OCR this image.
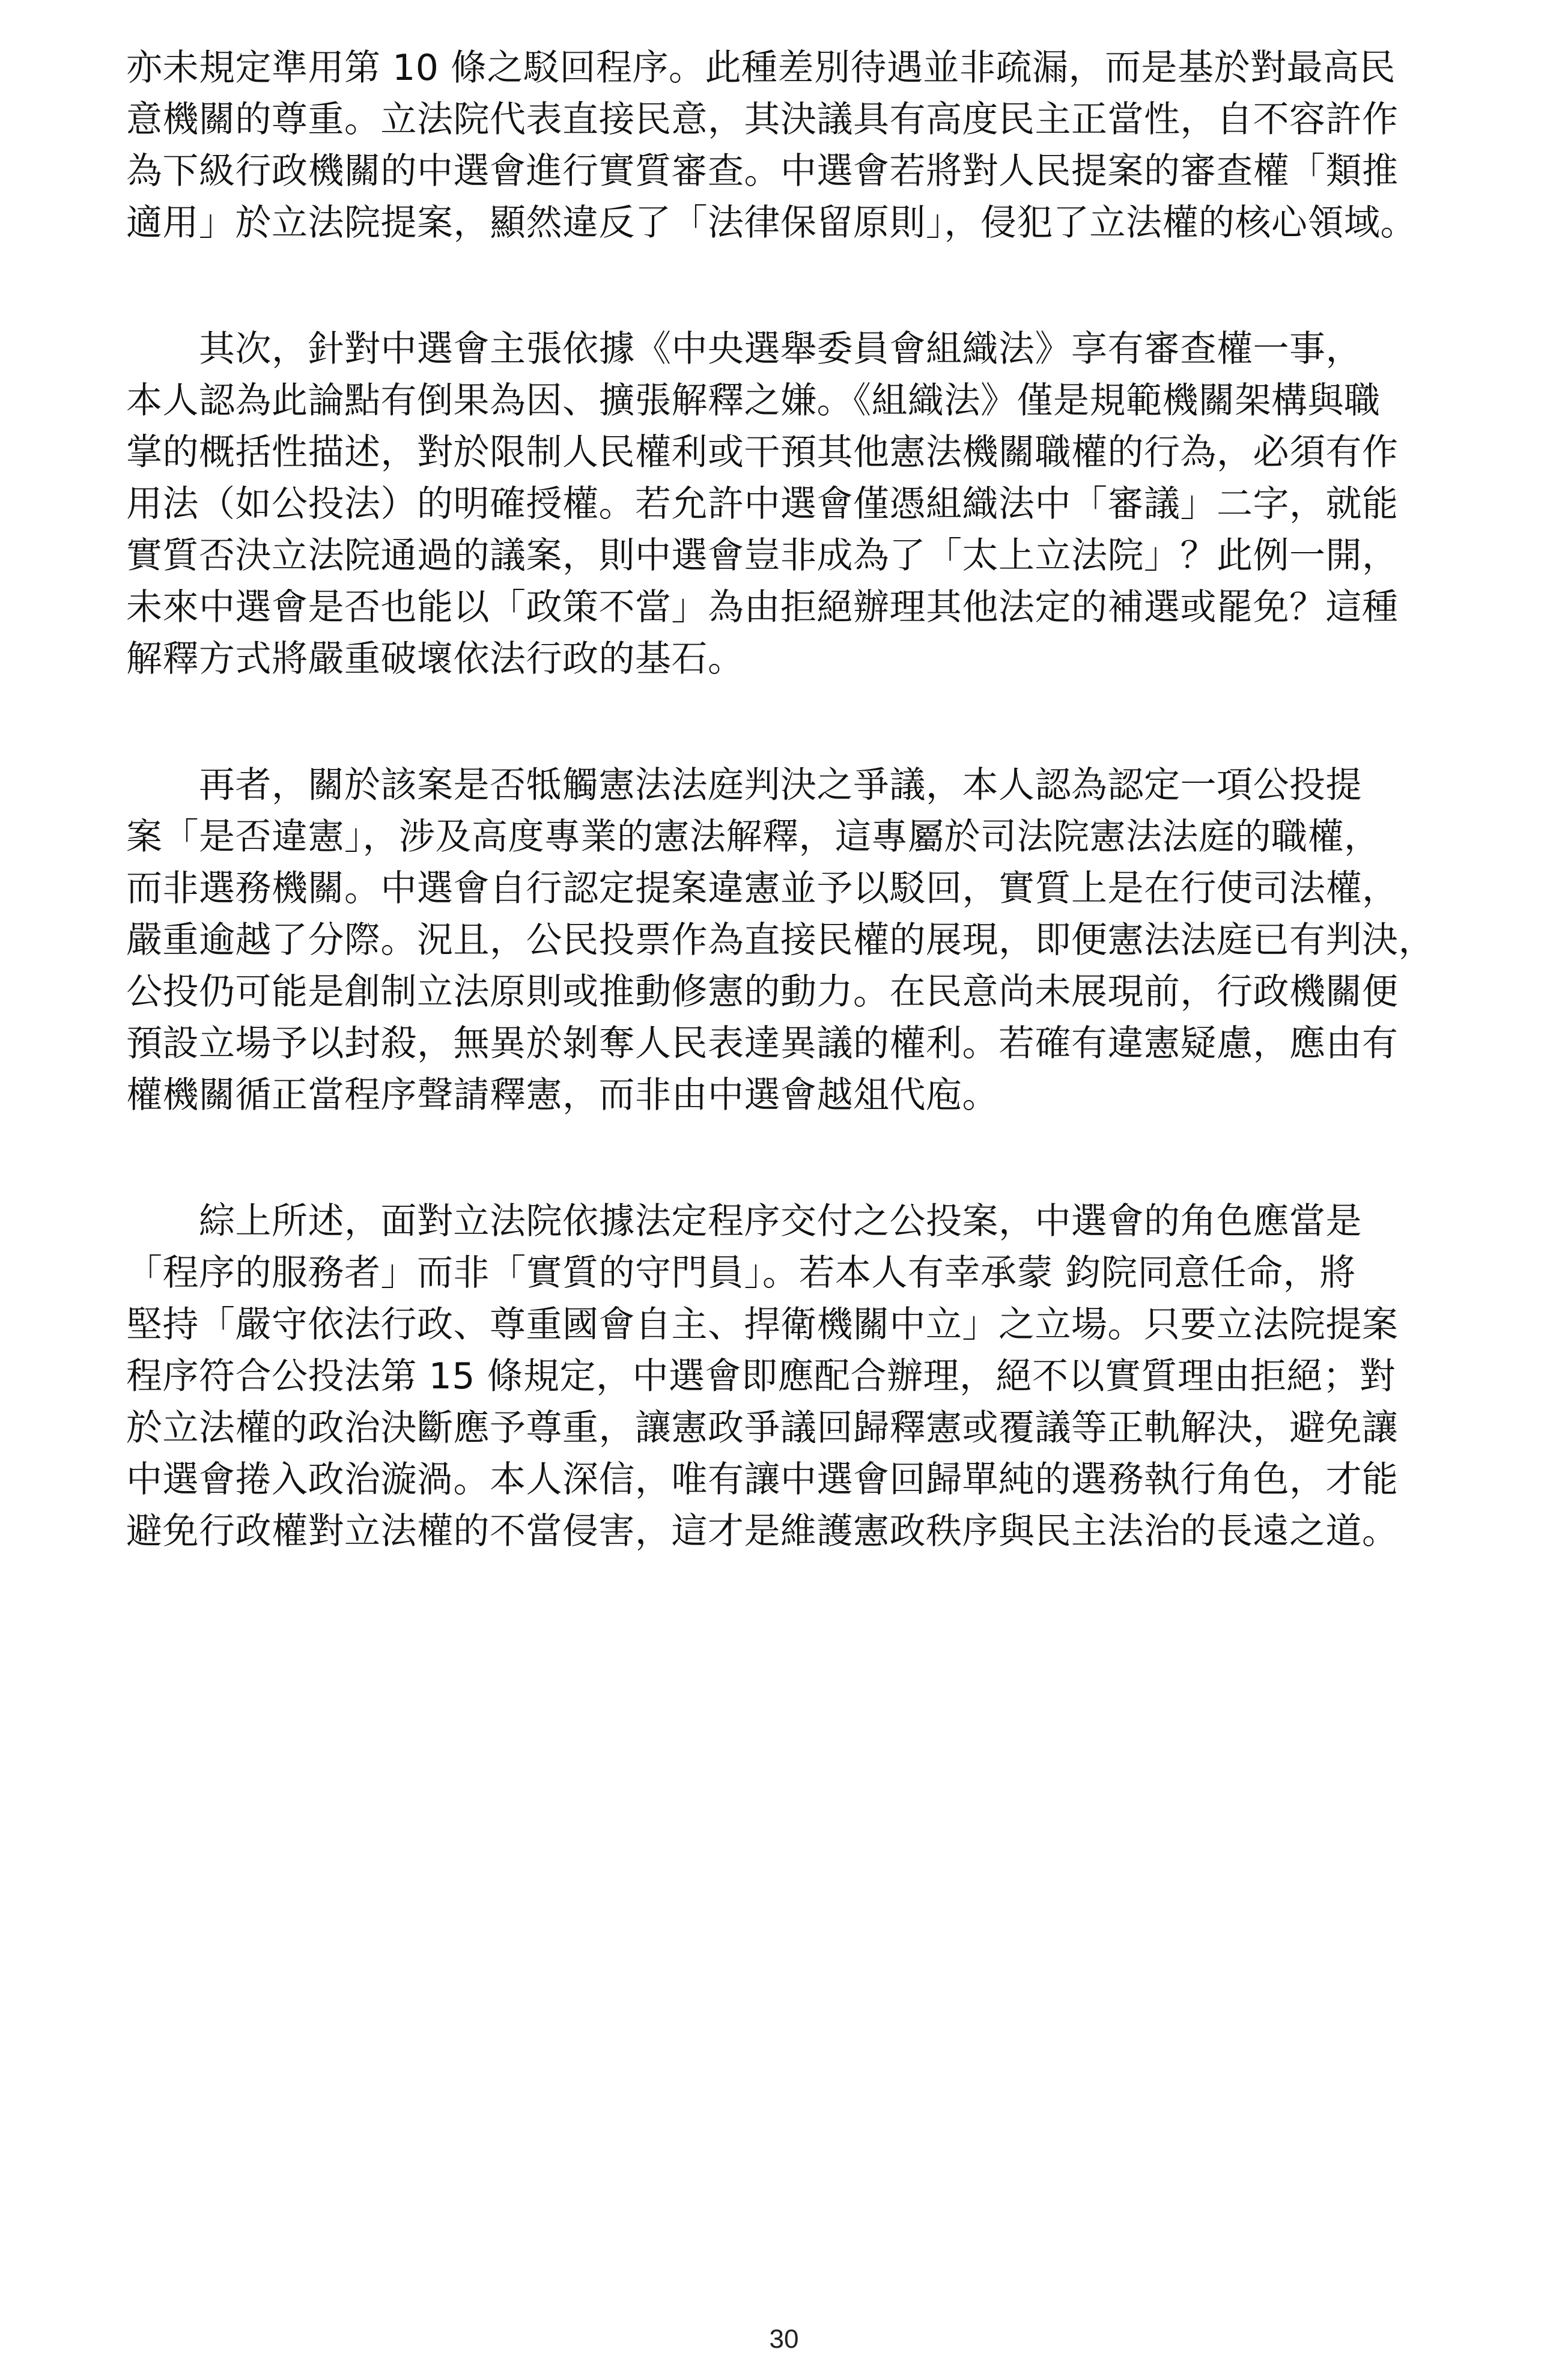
亦未規定準用第 10 條之駁回程序。此種差別待遇並非疏漏，而是基於對最高民
意機關的尊重。立法院代表直接民意，其決議具有高度民主正當性，自不容許作
為下級行政機關的中選會進行實質審查。中選會若將對人民提案的審查權「類推
適用」於立法院提案，顯然違反了「法律保留原則」，侵犯了立法權的核心領域。
　　其次，針對中選會主張依據《中央選舉委員會組織法》享有審查權一事，
本人認為此論點有倒果為因、擴張解釋之嫌。《組織法》僅是規範機關架構與職
掌的概括性描述，對於限制人民權利或干預其他憲法機關職權的行為，必須有作
用法（如公投法）的明確授權。若允許中選會僅憑組織法中「審議」二字，就能
實質否決立法院通過的議案，則中選會豈非成為了「太上立法院」？此例一開，
未來中選會是否也能以「政策不當」為由拒絕辦理其他法定的補選或罷免？這種
解釋方式將嚴重破壞依法行政的基石。
　　再者，關於該案是否牴觸憲法法庭判決之爭議，本人認為認定一項公投提
案「是否違憲」，涉及高度專業的憲法解釋，這專屬於司法院憲法法庭的職權，
而非選務機關。中選會自行認定提案違憲並予以駁回，實質上是在行使司法權，
嚴重逾越了分際。況且，公民投票作為直接民權的展現，即便憲法法庭已有判決，
公投仍可能是創制立法原則或推動修憲的動力。在民意尚未展現前，行政機關便
預設立場予以封殺，無異於剝奪人民表達異議的權利。若確有違憲疑慮，應由有
權機關循正當程序聲請釋憲，而非由中選會越俎代庖。
　　綜上所述，面對立法院依據法定程序交付之公投案，中選會的角色應當是
「程序的服務者」而非「實質的守門員」。若本人有幸承蒙 鈞院同意任命，將
堅持「嚴守依法行政、尊重國會自主、捍衛機關中立」之立場。只要立法院提案
程序符合公投法第 15 條規定，中選會即應配合辦理，絕不以實質理由拒絕；對
於立法權的政治決斷應予尊重，讓憲政爭議回歸釋憲或覆議等正軌解決，避免讓
中選會捲入政治漩渦。本人深信，唯有讓中選會回歸單純的選務執行角色，才能
避免行政權對立法權的不當侵害，這才是維護憲政秩序與民主法治的長遠之道。
30
